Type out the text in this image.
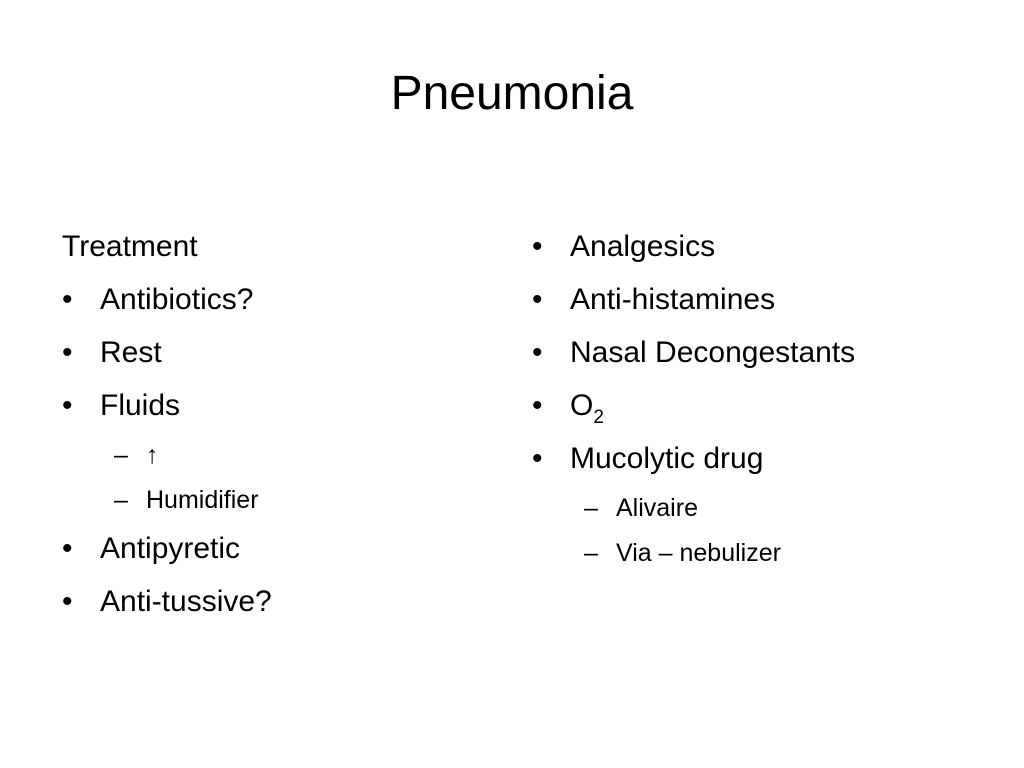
Pneumonia
Treatment
• Antibiotics?
• Rest
• Fluids
– ↑
– Humidifier
• Antipyretic
• Anti-tussive?
• Analgesics
• Anti-histamines
• Nasal Decongestants
• $O_2$
• Mucolytic drug
– Alivaire
– Via – nebulizer
